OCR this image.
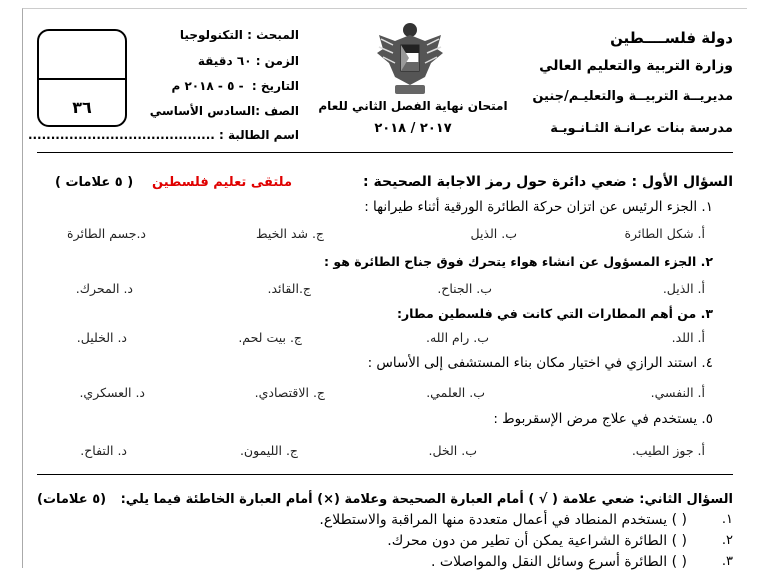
دولة فلســــطين
وزارة التربية والتعليم العالي
مديريــة التربيــة والتعليـم/جنين
مدرسة بنات عرانـة الثـانـويـة
امتحان نهاية الفصل الثاني للعام
٢٠١٧ / ٢٠١٨
المبحث : التكنولوجيا
الزمن : ٦٠ دقيقة
التاريخ : ‍ - ٥ - ٢٠١٨ م
الصف :السادس الأساسي
اسم الطالبة : .........................................
٣٦
السؤال الأول : ضعي دائرة حول رمز الاجابة الصحيحة :
ملتقى تعليم فلسطين
( ٥ علامات )
١. الجزء الرئيس عن اتزان حركة الطائرة الورقية أثناء طيرانها :
أ. شكل الطائرة
ب. الذيل
ج. شد الخيط
د.جسم الطائرة
٢. الجزء المسؤول عن انشاء هواء يتحرك فوق جناح الطائرة هو :
أ. الذيل.
ب. الجناح.
ج.القائد.
د. المحرك.
٣. من أهم المطارات التي كانت في فلسطين مطار:
أ. اللد.
ب. رام الله.
ج. بيت لحم.
د. الخليل.
٤. استند الرازي في اختيار مكان بناء المستشفى إلى الأساس :
أ. النفسي.
ب. العلمي.
ج. الاقتصادي.
د. العسكري.
٥. يستخدم في علاج مرض الإسقربوط :
أ. جوز الطيب.
ب. الخل.
ج. الليمون.
د. التفاح.
السؤال الثاني: ضعي علامة ( √ ) أمام العبارة الصحيحة وعلامة (×) أمام العبارة الخاطئة فيما يلي:
(٥ علامات)
١.
( ) يستخدم المنطاد في أعمال متعددة منها المراقبة والاستطلاع.
٢.
( ) الطائرة الشراعية يمكن أن تطير من دون محرك.
٣.
( ) الطائرة أسرع وسائل النقل والمواصلات .
